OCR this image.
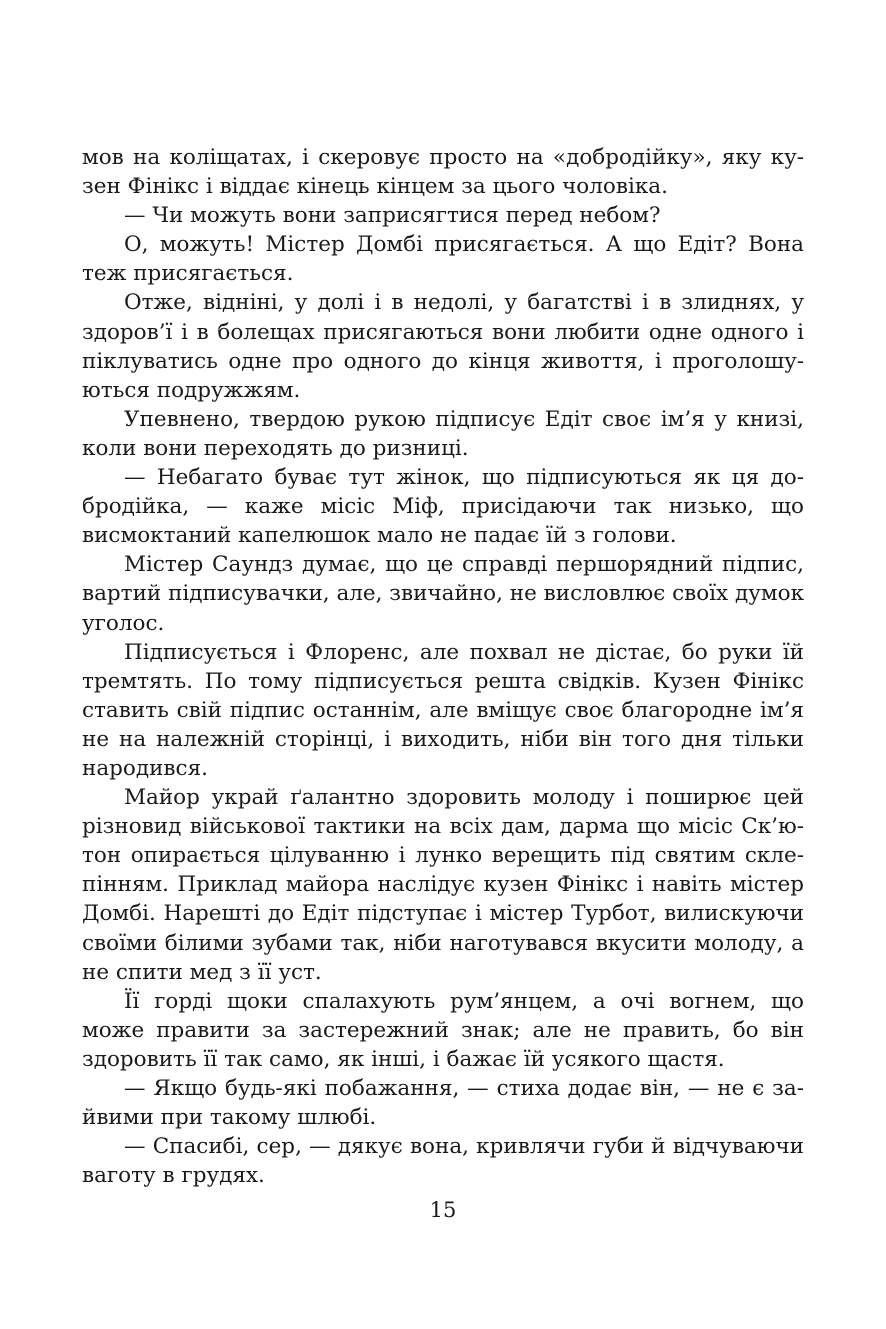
мов на коліщатах, і скеровує просто на «добродійку», яку кузен Фінікс і віддає кінець кінцем за цього чоловіка.

— Чи можуть вони заприсягтися перед небом?

О, можуть! Містер Домбі присягається. А що Едіт? Вона теж присягається.

Отже, відніні, у долі і в недолі, у багатстві і в злиднях, у здоров’ї і в болещах присягаються вони любити одне одного і піклуватись одне про одного до кінця живоття, і проголошуються подружжям.

Упевнено, твердою рукою підписує Едіт своє ім’я у книзі, коли вони переходять до ризниці.

— Небагато буває тут жінок, що підписуються як ця добродійка, — каже місіс Міф, присідаючи так низько, що висмоктаний капелюшок мало не падає їй з голови.

Містер Саундз думає, що це справді першорядний підпис, вартий підписувачки, але, звичайно, не висловлює своїх думок уголос.

Підписується і Флоренс, але похвал не дістає, бо руки їй тремтять. По тому підписується решта свідків. Кузен Фінікс ставить свій підпис останнім, але вміщує своє благородне ім’я не на належній сторінці, і виходить, ніби він того дня тільки народився.

Майор украй ґалантно здоровить молоду і поширює цей різновид військової тактики на всіх дам, дарма що місіс Ск’ютон опирається цілуванню і лунко верещить під святим склепінням. Приклад майора наслідує кузен Фінікс і навіть містер Домбі. Нарешті до Едіт підступає і містер Турбот, вилискуючи своїми білими зубами так, ніби наготувався вкусити молоду, а не спити мед з її уст.

Її горді щоки спалахують рум’янцем, а очі вогнем, що може правити за застережний знак; але не править, бо він здоровить її так само, як інші, і бажає їй усякого щастя.

— Якщо будь-які побажання, — стиха додає він, — не є зайвими при такому шлюбі.

— Спасибі, сер, — дякує вона, кривлячи губи й відчуваючи ваготу в грудях.

15
